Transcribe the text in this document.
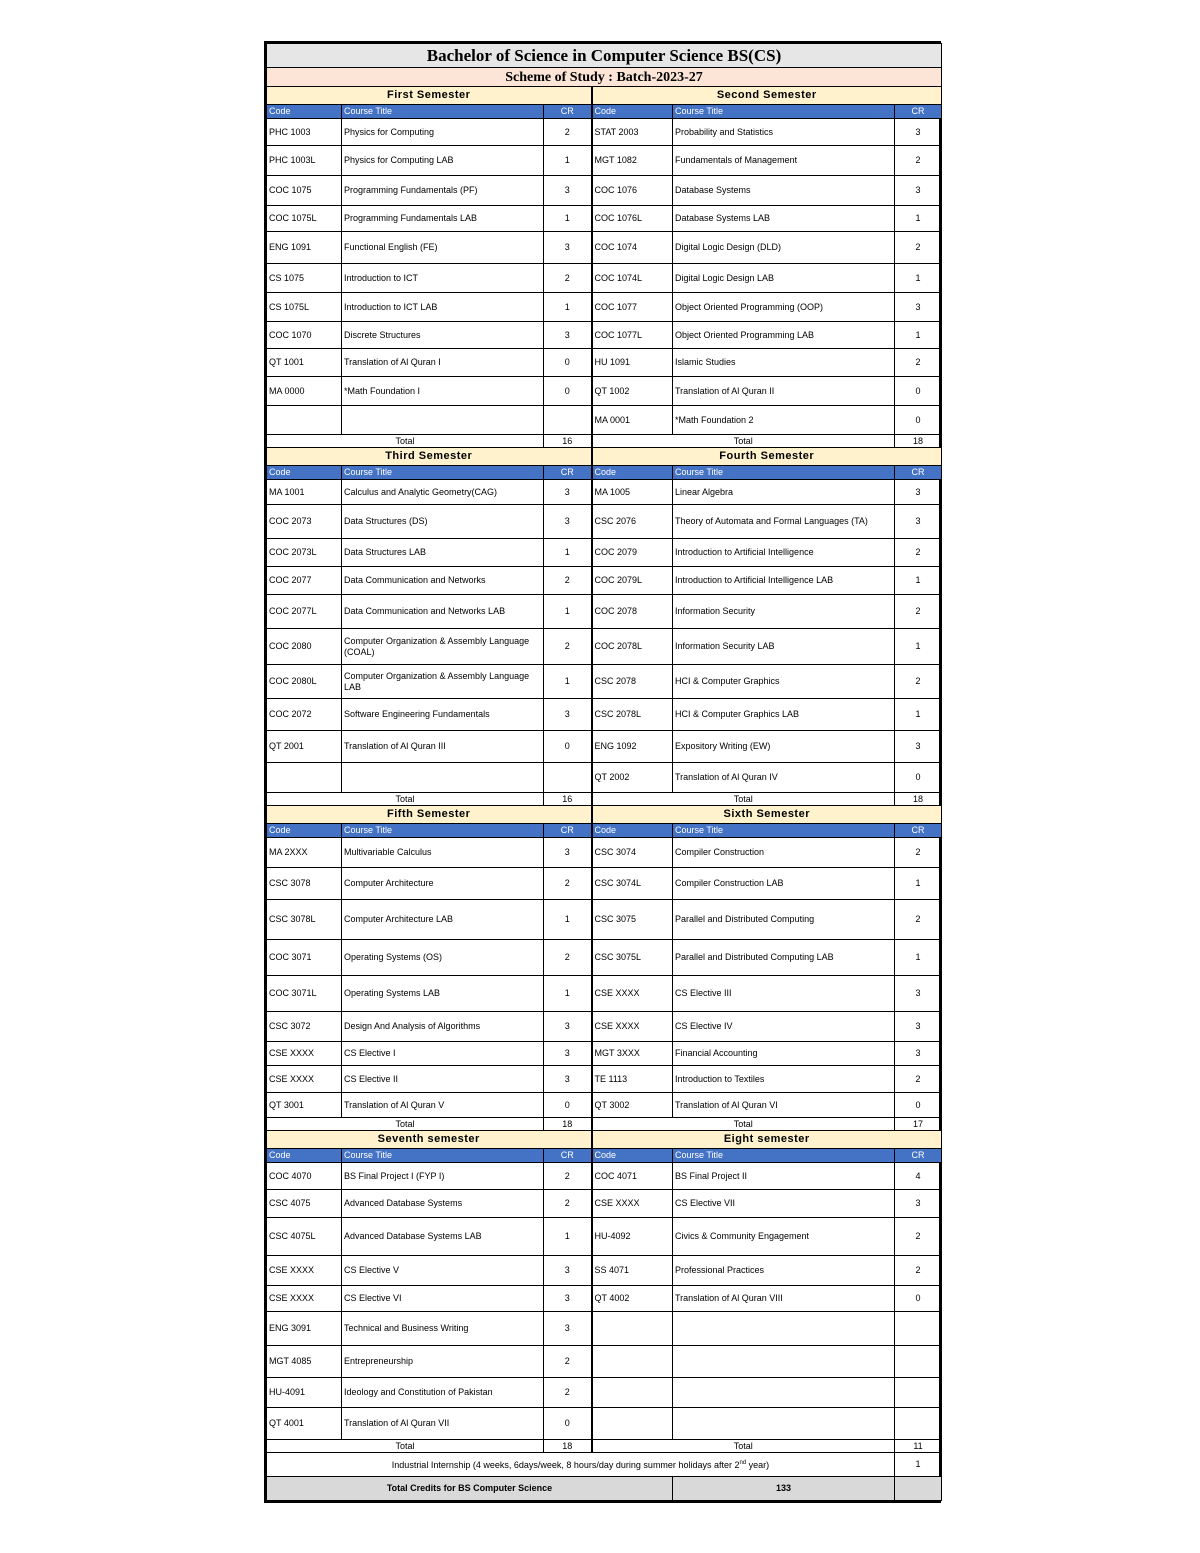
Bachelor of Science in Computer Science BS(CS)					
Scheme of Study : Batch-2023-27					
First Semester			Second Semester		
Code	Course Title	CR	Code	Course Title	CR
PHC 1003	Physics for Computing	2	STAT 2003	Probability and Statistics	3
PHC 1003L	Physics for Computing LAB	1	MGT 1082	Fundamentals of Management	2
COC 1075	Programming Fundamentals (PF)	3	COC 1076	Database Systems	3
COC 1075L	Programming Fundamentals LAB	1	COC 1076L	Database Systems LAB	1
ENG 1091	Functional English (FE)	3	COC 1074	Digital Logic Design (DLD)	2
CS 1075	Introduction to ICT	2	COC 1074L	Digital Logic Design LAB	1
CS 1075L	Introduction to ICT LAB	1	COC 1077	Object Oriented Programming (OOP)	3
COC 1070	Discrete Structures	3	COC 1077L	Object Oriented Programming LAB	1
QT 1001	Translation of Al Quran I	0	HU 1091	Islamic Studies	2
MA 0000	*Math Foundation I	0	QT 1002	Translation of Al Quran II	0
			MA 0001	*Math Foundation 2	0
Total		16	Total		18
Third Semester			Fourth Semester		
Code	Course Title	CR	Code	Course Title	CR
MA 1001	Calculus and Analytic Geometry(CAG)	3	MA 1005	Linear Algebra	3
COC 2073	Data Structures (DS)	3	CSC 2076	Theory of Automata and Formal Languages (TA)	3
COC 2073L	Data Structures LAB	1	COC 2079	Introduction to Artificial Intelligence	2
COC 2077	Data Communication and Networks	2	COC 2079L	Introduction to Artificial Intelligence LAB	1
COC 2077L	Data Communication and Networks LAB	1	COC 2078	Information Security	2
COC 2080	Computer Organization & Assembly Language (COAL)	2	COC 2078L	Information Security LAB	1
COC 2080L	Computer Organization & Assembly Language LAB	1	CSC 2078	HCI & Computer Graphics	2
COC 2072	Software Engineering Fundamentals	3	CSC 2078L	HCI & Computer Graphics LAB	1
QT 2001	Translation of Al Quran III	0	ENG 1092	Expository Writing (EW)	3
			QT 2002	Translation of Al Quran IV	0
Total		16	Total		18
Fifth Semester			Sixth Semester		
Code	Course Title	CR	Code	Course Title	CR
MA 2XXX	Multivariable Calculus	3	CSC 3074	Compiler Construction	2
CSC 3078	Computer Architecture	2	CSC 3074L	Compiler Construction LAB	1
CSC 3078L	Computer Architecture LAB	1	CSC 3075	Parallel and Distributed Computing	2
COC 3071	Operating Systems (OS)	2	CSC 3075L	Parallel and Distributed Computing LAB	1
COC 3071L	Operating Systems LAB	1	CSE XXXX	CS Elective III	3
CSC 3072	Design And Analysis of Algorithms	3	CSE XXXX	CS Elective IV	3
CSE XXXX	CS Elective I	3	MGT 3XXX	Financial Accounting	3
CSE XXXX	CS Elective II	3	TE 1113	Introduction to Textiles	2
QT 3001	Translation of Al Quran V	0	QT 3002	Translation of Al Quran VI	0
Total		18	Total		17
Seventh semester			Eight semester		
Code	Course Title	CR	Code	Course Title	CR
COC 4070	BS Final Project I (FYP I)	2	COC 4071	BS Final Project II	4
CSC 4075	Advanced Database Systems	2	CSE XXXX	CS Elective VII	3
CSC 4075L	Advanced Database Systems LAB	1	HU-4092	Civics & Community Engagement	2
CSE XXXX	CS Elective V	3	SS 4071	Professional Practices	2
CSE XXXX	CS Elective VI	3	QT 4002	Translation of Al Quran VIII	0
ENG 3091	Technical and Business Writing	3			
MGT 4085	Entrepreneurship	2			
HU-4091	Ideology and Constitution of Pakistan	2			
QT 4001	Translation of Al Quran VII	0			
Total		18	Total		11
Industrial Internship (4 weeks, 6days/week, 8 hours/day during summer holidays after 2nd year)					1
Total Credits for BS Computer Science				133	
